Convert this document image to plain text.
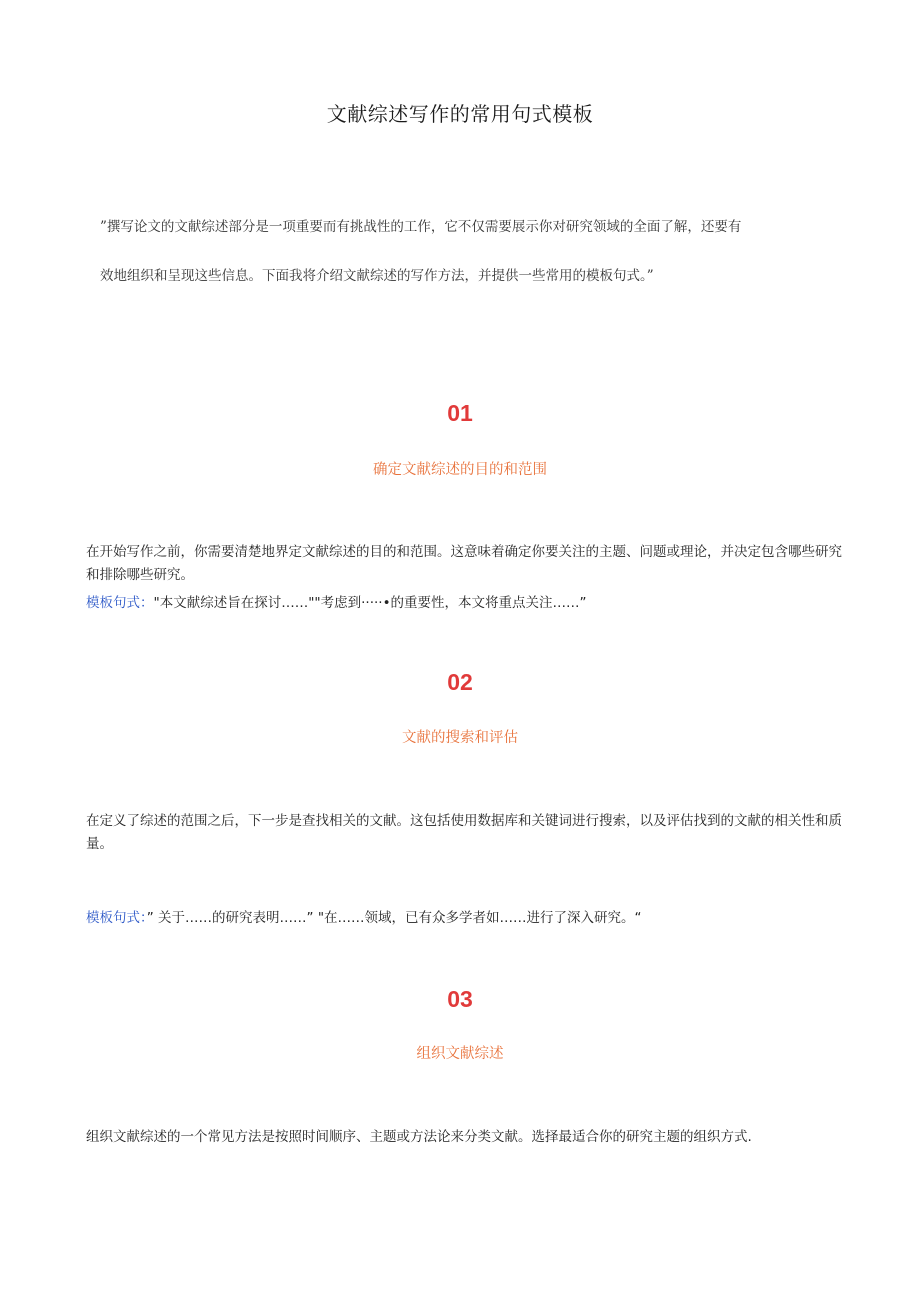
文献综述写作的常用句式模板
”撰写论文的文献综述部分是一项重要而有挑战性的工作，它不仅需要展示你对研究领域的全面了解，还要有
效地组织和呈现这些信息。下面我将介绍文献综述的写作方法，并提供一些常用的模板句式。”
01
确定文献综述的目的和范围
在开始写作之前，你需要清楚地界定文献综述的目的和范围。这意味着确定你要关注的主题、问题或理论，并决定包含哪些研究和排除哪些研究。
模板句式："本文献综述旨在探讨……""考虑到·····•的重要性，本文将重点关注……”
02
文献的搜索和评估
在定义了综述的范围之后，下一步是查找相关的文献。这包括使用数据库和关键词进行搜索，以及评估找到的文献的相关性和质量。
模板句式：” 关于……的研究表明……” "在……领域，已有众多学者如……进行了深入研究。“
03
组织文献综述
组织文献综述的一个常见方法是按照时间顺序、主题或方法论来分类文献。选择最适合你的研究主题的组织方式.
